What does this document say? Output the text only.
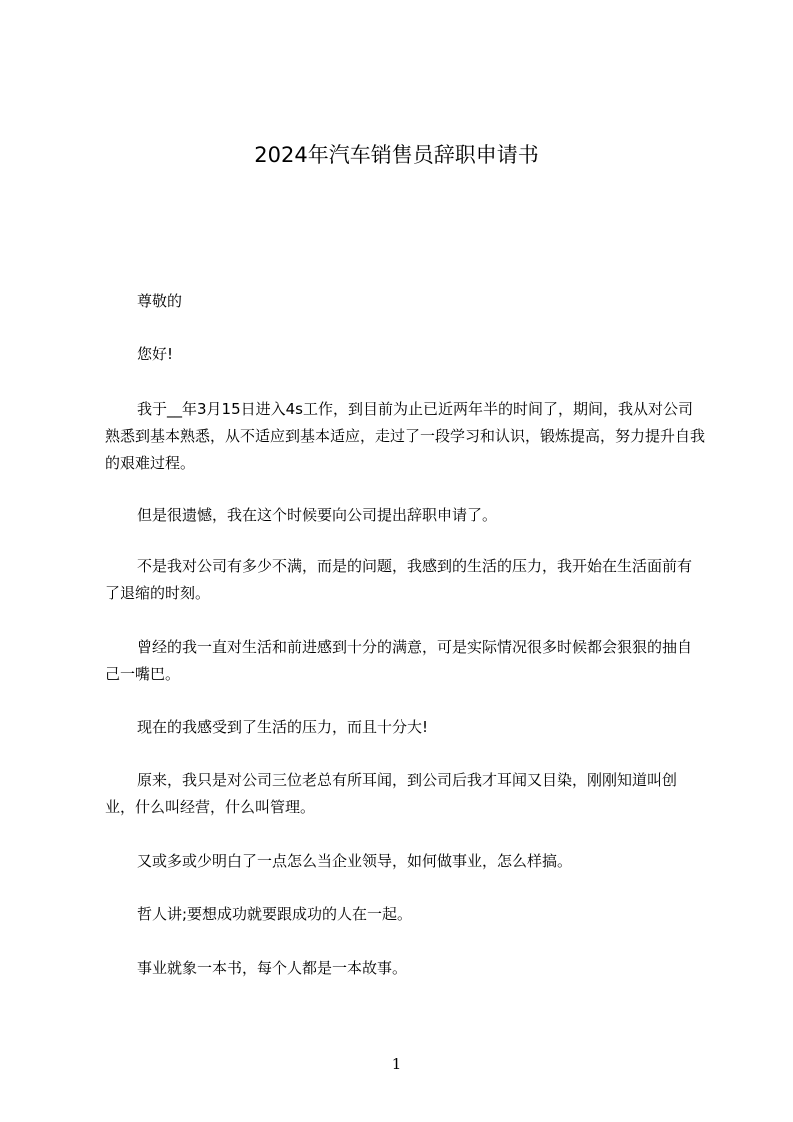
2024年汽车销售员辞职申请书

尊敬的

您好!

我于__年3月15日进入4s工作，到目前为止已近两年半的时间了，期间，我从对公司熟悉到基本熟悉，从不适应到基本适应，走过了一段学习和认识，锻炼提高，努力提升自我的艰难过程。

但是很遗憾，我在这个时候要向公司提出辞职申请了。

不是我对公司有多少不满，而是的问题，我感到的生活的压力，我开始在生活面前有了退缩的时刻。

曾经的我一直对生活和前进感到十分的满意，可是实际情况很多时候都会狠狠的抽自己一嘴巴。

现在的我感受到了生活的压力，而且十分大!

原来，我只是对公司三位老总有所耳闻，到公司后我才耳闻又目染，刚刚知道叫创业，什么叫经营，什么叫管理。

又或多或少明白了一点怎么当企业领导，如何做事业，怎么样搞。

哲人讲;要想成功就要跟成功的人在一起。

事业就象一本书，每个人都是一本故事。

1
